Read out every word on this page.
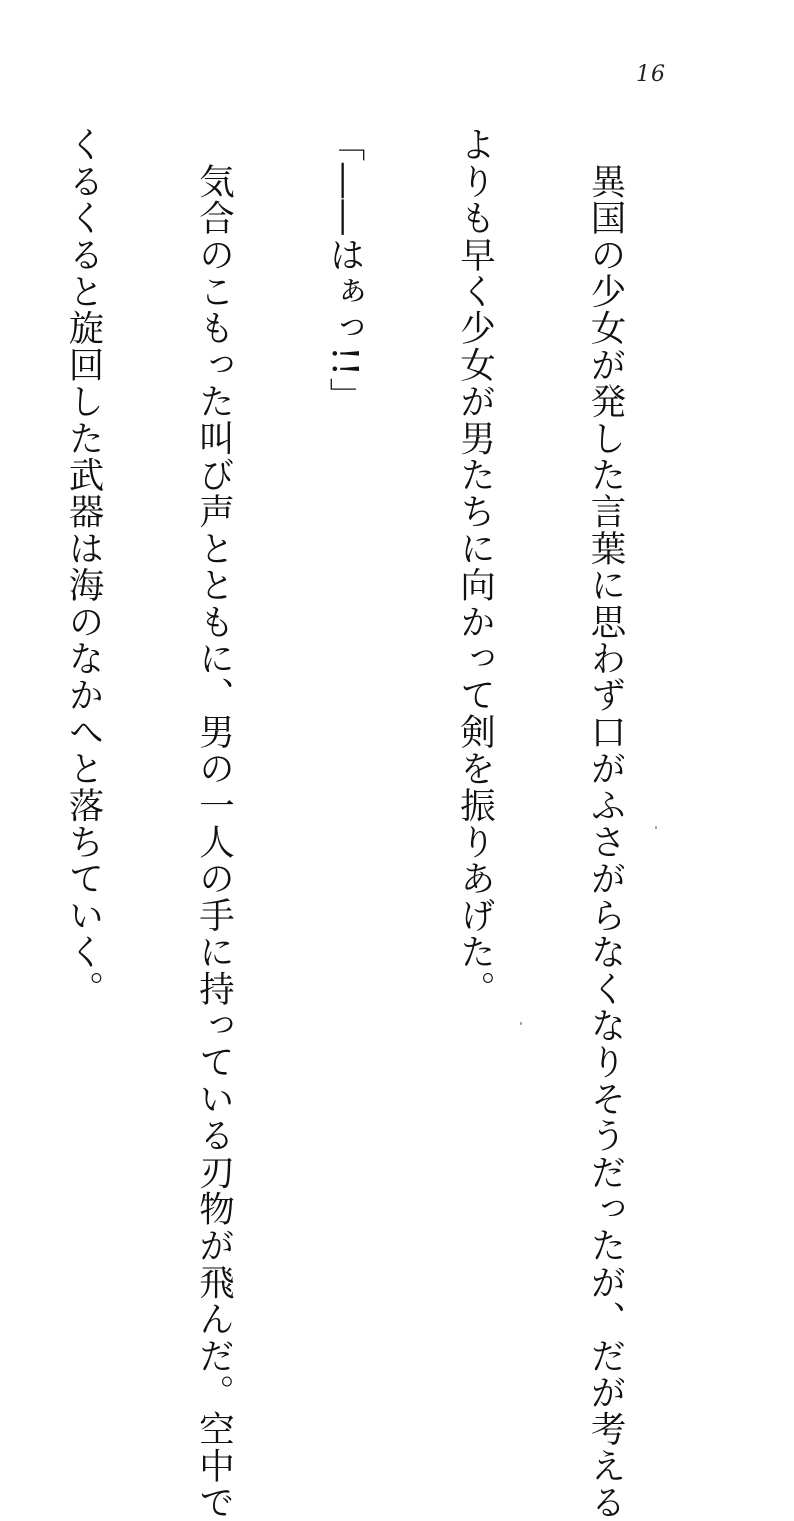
16

　異国の少女が発した言葉に思わず口がふさがらなくなりそうだったが、だが考える

よりも早く少女が男たちに向かって剣を振りあげた。

「――はぁっ!!」

　気合のこもった叫び声とともに、男の一人の手に持っている刃物が飛んだ。空中で

くるくると旋回した武器は海のなかへと落ちていく。
